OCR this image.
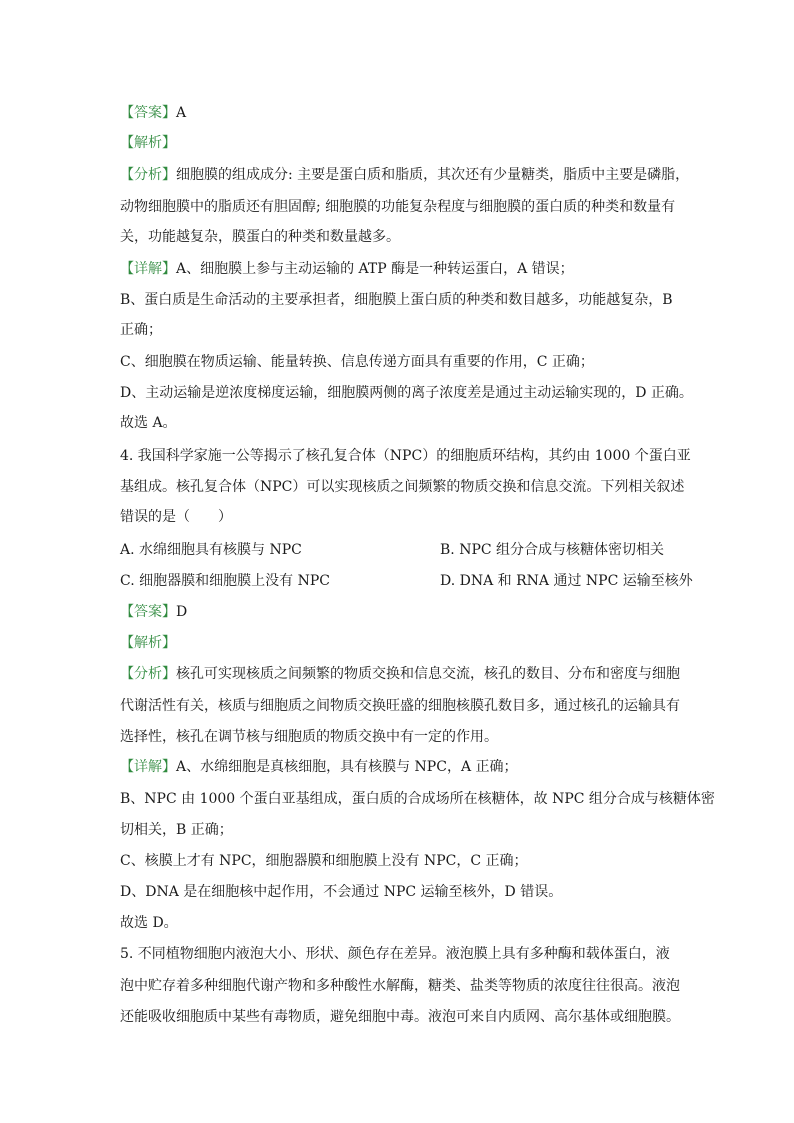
【答案】A
【解析】
【分析】细胞膜的组成成分: 主要是蛋白质和脂质，其次还有少量糖类，脂质中主要是磷脂，
动物细胞膜中的脂质还有胆固醇; 细胞膜的功能复杂程度与细胞膜的蛋白质的种类和数量有
关，功能越复杂，膜蛋白的种类和数量越多。
【详解】A、细胞膜上参与主动运输的 ATP 酶是一种转运蛋白，A 错误；
B、蛋白质是生命活动的主要承担者，细胞膜上蛋白质的种类和数目越多，功能越复杂，B
正确；
C、细胞膜在物质运输、能量转换、信息传递方面具有重要的作用，C 正确；
D、主动运输是逆浓度梯度运输，细胞膜两侧的离子浓度差是通过主动运输实现的，D 正确。
故选 A。
4. 我国科学家施一公等揭示了核孔复合体（NPC）的细胞质环结构，其约由 1000 个蛋白亚
基组成。核孔复合体（NPC）可以实现核质之间频繁的物质交换和信息交流。下列相关叙述
错误的是（　　）
A. 水绵细胞具有核膜与 NPC	B. NPC 组分合成与核糖体密切相关
C. 细胞器膜和细胞膜上没有 NPC	D. DNA 和 RNA 通过 NPC 运输至核外
【答案】D
【解析】
【分析】核孔可实现核质之间频繁的物质交换和信息交流，核孔的数目、分布和密度与细胞
代谢活性有关，核质与细胞质之间物质交换旺盛的细胞核膜孔数目多，通过核孔的运输具有
选择性，核孔在调节核与细胞质的物质交换中有一定的作用。
【详解】A、水绵细胞是真核细胞，具有核膜与 NPC，A 正确；
B、NPC 由 1000 个蛋白亚基组成，蛋白质的合成场所在核糖体，故 NPC 组分合成与核糖体密
切相关，B 正确；
C、核膜上才有 NPC，细胞器膜和细胞膜上没有 NPC，C 正确；
D、DNA 是在细胞核中起作用，不会通过 NPC 运输至核外，D 错误。
故选 D。
5. 不同植物细胞内液泡大小、形状、颜色存在差异。液泡膜上具有多种酶和载体蛋白，液
泡中贮存着多种细胞代谢产物和多种酸性水解酶，糖类、盐类等物质的浓度往往很高。液泡
还能吸收细胞质中某些有毒物质，避免细胞中毒。液泡可来自内质网、高尔基体或细胞膜。
